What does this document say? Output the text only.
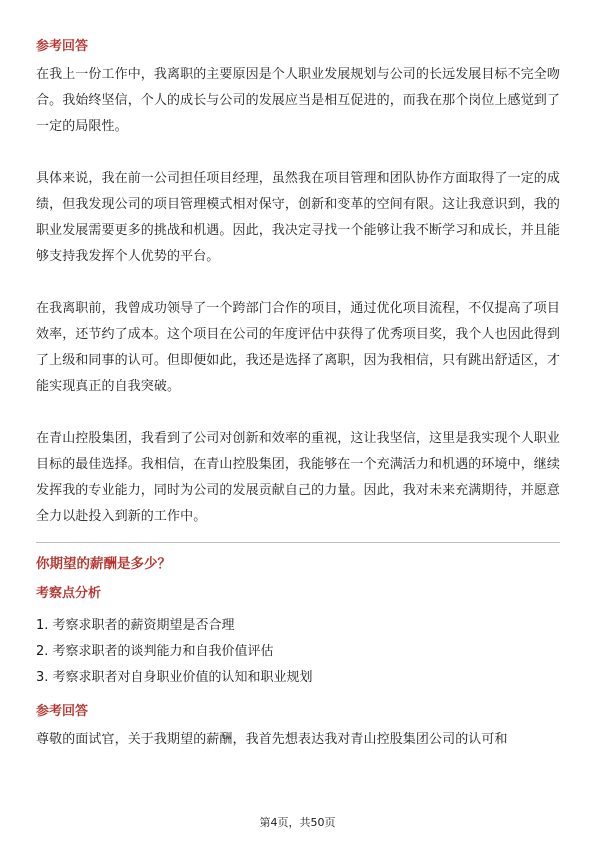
参考回答

在我上一份工作中，我离职的主要原因是个人职业发展规划与公司的长远发展目标不完全吻合。我始终坚信，个人的成长与公司的发展应当是相互促进的，而我在那个岗位上感觉到了一定的局限性。

具体来说，我在前一公司担任项目经理，虽然我在项目管理和团队协作方面取得了一定的成绩，但我发现公司的项目管理模式相对保守，创新和变革的空间有限。这让我意识到，我的职业发展需要更多的挑战和机遇。因此，我决定寻找一个能够让我不断学习和成长，并且能够支持我发挥个人优势的平台。

在我离职前，我曾成功领导了一个跨部门合作的项目，通过优化项目流程，不仅提高了项目效率，还节约了成本。这个项目在公司的年度评估中获得了优秀项目奖，我个人也因此得到了上级和同事的认可。但即便如此，我还是选择了离职，因为我相信，只有跳出舒适区，才能实现真正的自我突破。

在青山控股集团，我看到了公司对创新和效率的重视，这让我坚信，这里是我实现个人职业目标的最佳选择。我相信，在青山控股集团，我能够在一个充满活力和机遇的环境中，继续发挥我的专业能力，同时为公司的发展贡献自己的力量。因此，我对未来充满期待，并愿意全力以赴投入到新的工作中。

你期望的薪酬是多少？
考察点分析
1. 考察求职者的薪资期望是否合理
2. 考察求职者的谈判能力和自我价值评估
3. 考察求职者对自身职业价值的认知和职业规划
参考回答

尊敬的面试官，关于我期望的薪酬，我首先想表达我对青山控股集团公司的认可和

第4页，共50页
